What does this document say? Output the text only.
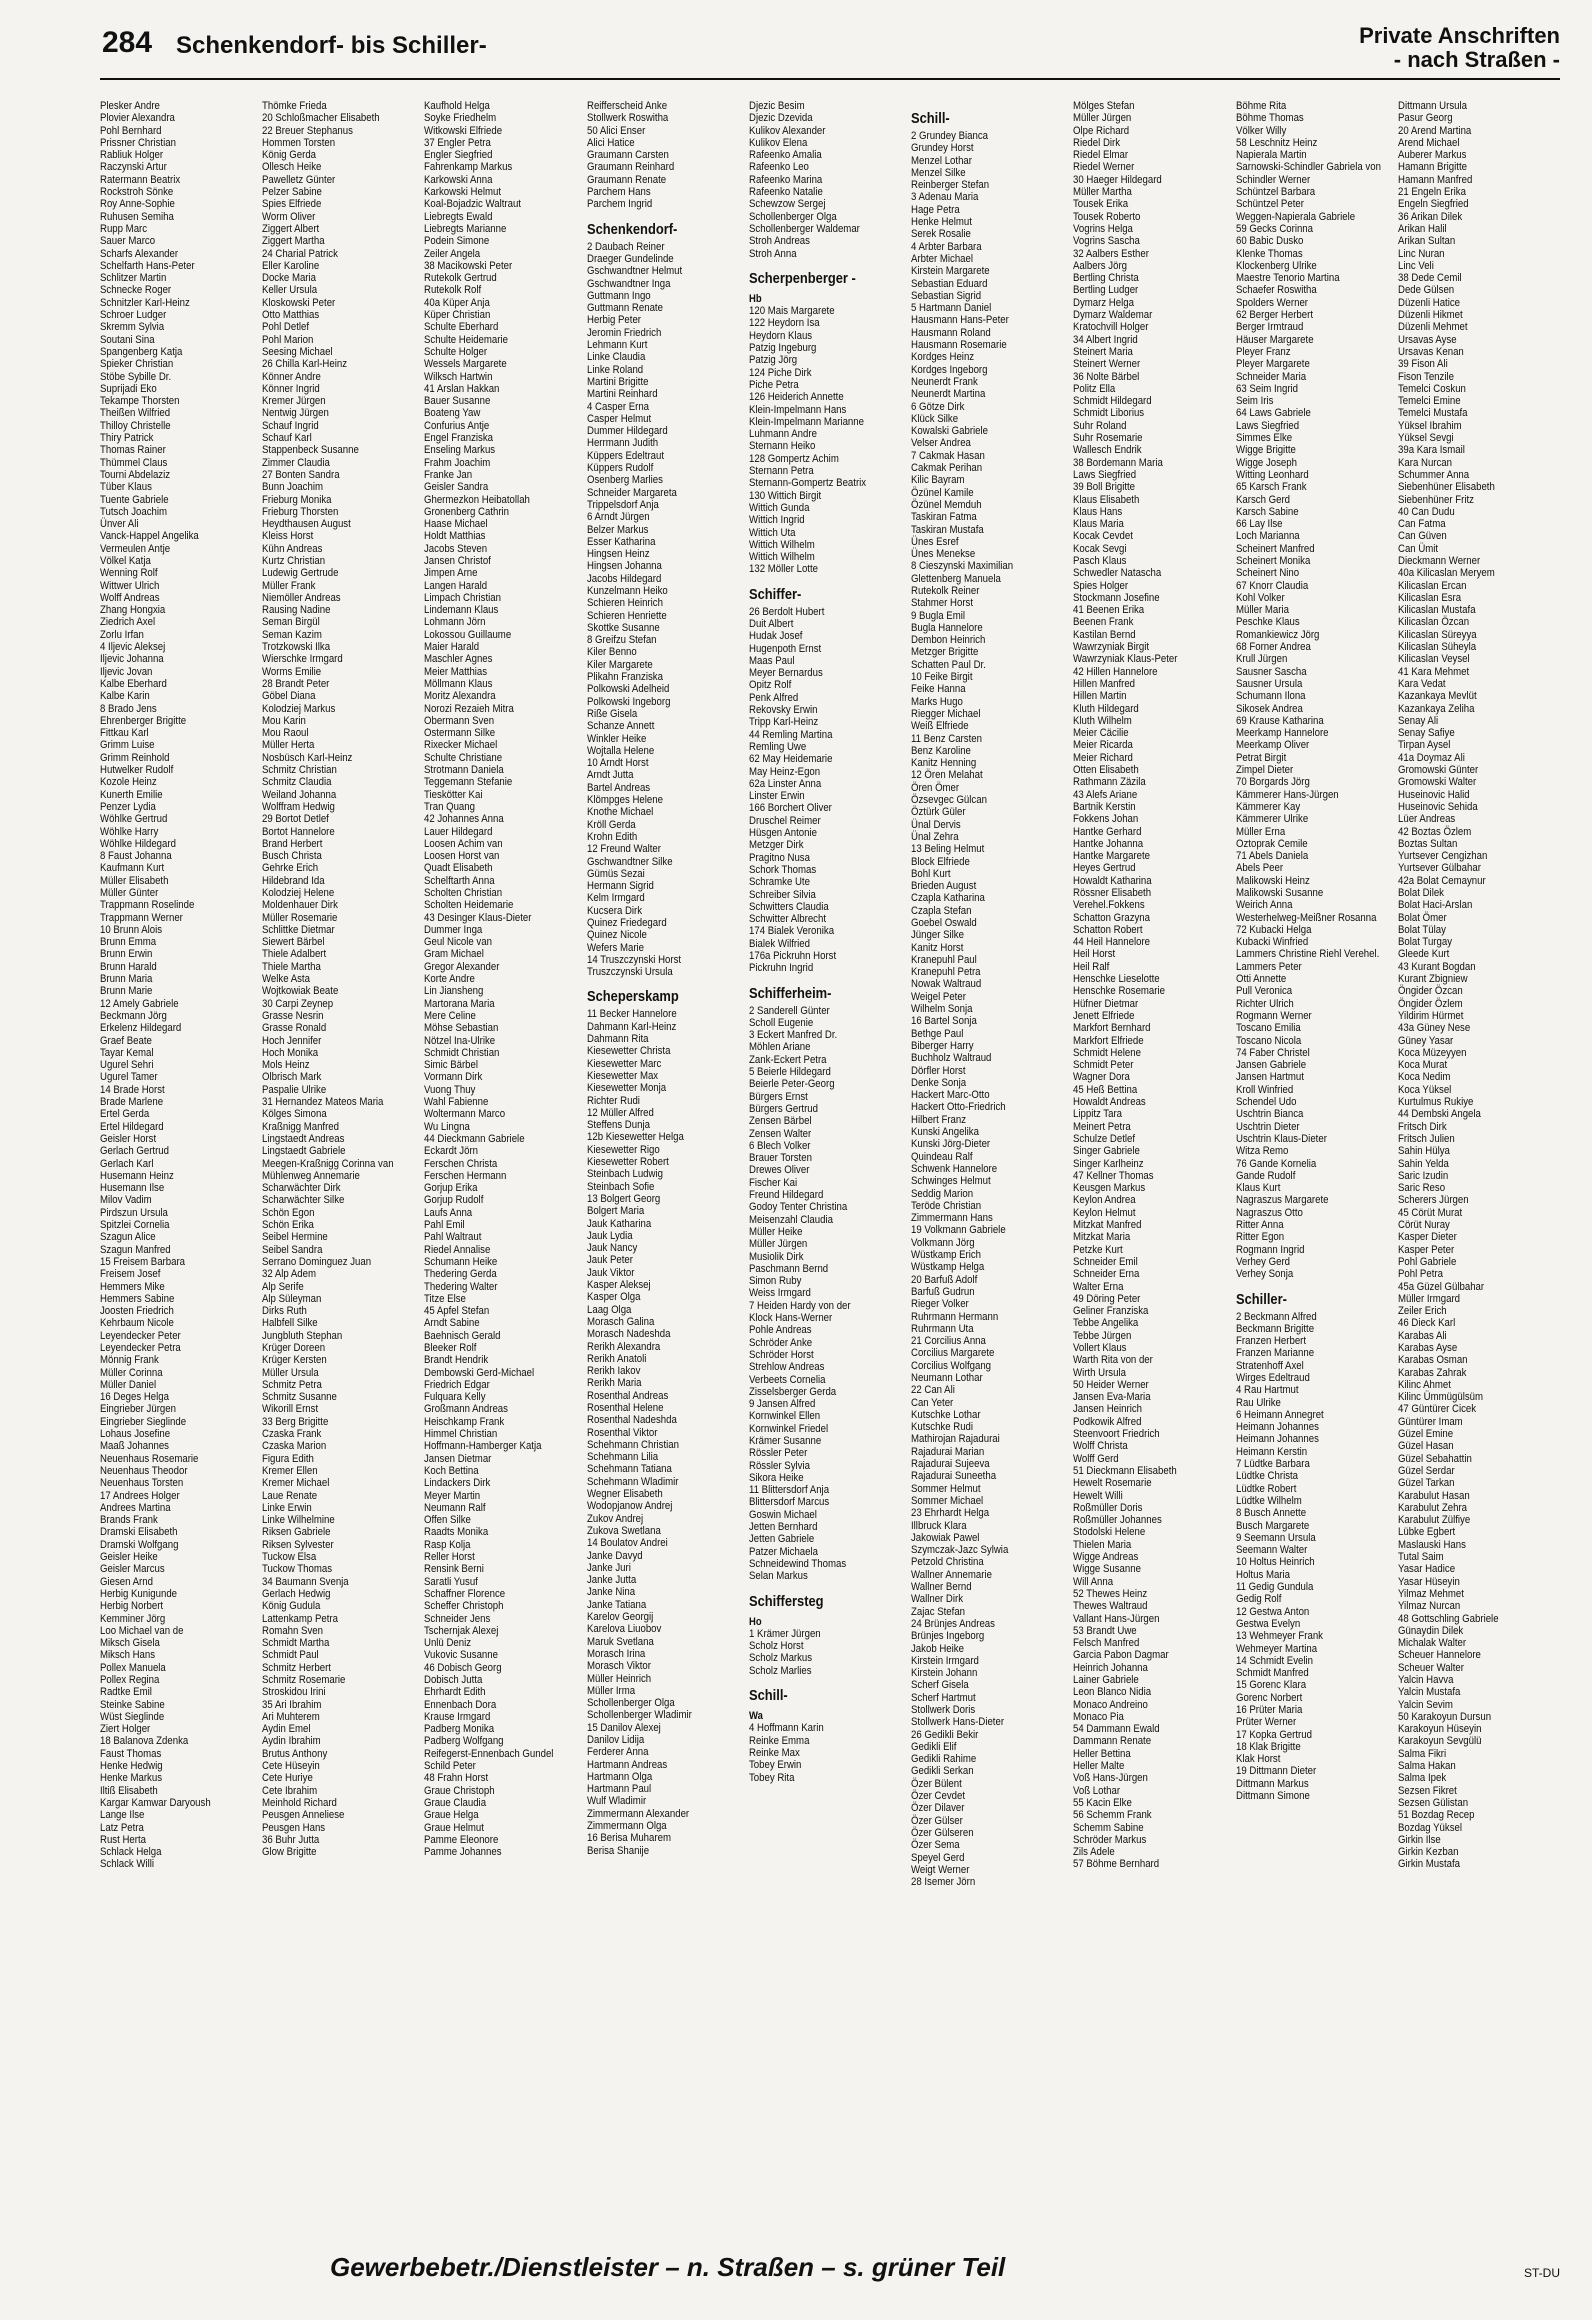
284 Schenkendorf- bis Schiller-	Private Anschriften
- nach Straßen -
Plesker Andre
Plovier Alexandra
Pohl Bernhard
Prissner Christian
Rabliuk Holger
Raczynski Artur
Ratermann Beatrix
Rockstroh Sönke
Roy Anne-Sophie
Ruhusen Semiha
Rupp Marc
Sauer Marco
Scharfs Alexander
Schelfarth Hans-Peter
Schlitzer Martin
Schnecke Roger
Schnitzler Karl-Heinz
Schroer Ludger
Skremm Sylvia
Soutani Sina
Spangenberg Katja
Spieker Christian
Stöbe Sybille Dr.
Suprijadi Eko
Tekampe Thorsten
Theißen Wilfried
Thilloy Christelle
Thiry Patrick
Thomas Rainer
Thümmel Claus
Tourni Abdelaziz
Tüber Klaus
Tuente Gabriele
Tutsch Joachim
Ünver Ali
Vanck-Happel Angelika
Vermeulen Antje
Völkel Katja
Wenning Rolf
Wittwer Ulrich
Wolff Andreas
Zhang Hongxia
Ziedrich Axel
Zorlu Irfan
4 Iljevic Aleksej
Iljevic Johanna
Iljevic Jovan
Kalbe Eberhard
Kalbe Karin
8 Brado Jens
Ehrenberger Brigitte
Fittkau Karl
Grimm Luise
Grimm Reinhold
Hutwelker Rudolf
Kozole Heinz
Kunerth Emilie
Penzer Lydia
Wöhlke Gertrud
Wöhlke Harry
Wöhlke Hildegard
8 Faust Johanna
Kaufmann Kurt
Müller Elisabeth
Müller Günter
Trappmann Roselinde
Trappmann Werner
10 Brunn Alois
Brunn Emma
Brunn Erwin
Brunn Harald
Brunn Maria
Brunn Marie
12 Amely Gabriele
Beckmann Jörg
Erkelenz Hildegard
Graef Beate
Tayar Kemal
Ugurel Sehri
Ugurel Tamer
14 Brade Horst
Brade Marlene
Ertel Gerda
Ertel Hildegard
Geisler Horst
Gerlach Gertrud
Gerlach Karl
Husemann Heinz
Husemann Ilse
Milov Vadim
Pirdszun Ursula
Spitzlei Cornelia
Szagun Alice
Szagun Manfred
15 Freisem Barbara
Freisem Josef
Hemmers Mike
Hemmers Sabine
Joosten Friedrich
Kehrbaum Nicole
Leyendecker Peter
Leyendecker Petra
Mönnig Frank
Müller Corinna
Müller Daniel
16 Deges Helga
Eingrieber Jürgen
Eingrieber Sieglinde
Lohaus Josefine
Maaß Johannes
Neuenhaus Rosemarie
Neuenhaus Theodor
Neuenhaus Torsten
17 Andrees Holger
Andrees Martina
Brands Frank
Dramski Elisabeth
Dramski Wolfgang
Geisler Heike
Geisler Marcus
Giesen Arnd
Herbig Kunigunde
Herbig Norbert
Kemminer Jörg
Loo Michael van de
Miksch Gisela
Miksch Hans
Pollex Manuela
Pollex Regina
Radtke Emil
Steinke Sabine
Wüst Sieglinde
Ziert Holger
18 Balanova Zdenka
Faust Thomas
Henke Hedwig
Henke Markus
Iltiß Elisabeth
Kargar Kamwar Daryoush
Lange Ilse
Latz Petra
Rust Herta
Schlack Helga
Schlack Willi
Thömke Frieda
20 Schloßmacher Elisabeth
22 Breuer Stephanus
Hommen Torsten
König Gerda
Ollesch Heike
Pawelletz Günter
Pelzer Sabine
Spies Elfriede
Worm Oliver
Ziggert Albert
Ziggert Martha
24 Charial Patrick
Eller Karoline
Docke Maria
Keller Ursula
Kloskowski Peter
Otto Matthias
Pohl Detlef
Pohl Marion
Seesing Michael
26 Chilla Karl-Heinz
Könner Andre
Könner Ingrid
Kremer Jürgen
Nentwig Jürgen
Schauf Ingrid
Schauf Karl
Stappenbeck Susanne
Zimmer Claudia
27 Bonten Sandra
Bunn Joachim
Frieburg Monika
Frieburg Thorsten
Heydthausen August
Kleiss Horst
Kühn Andreas
Kurtz Christian
Ludewig Gertrude
Müller Frank
Niemöller Andreas
Rausing Nadine
Seman Birgül
Seman Kazim
Trotzkowski Ilka
Wierschke Irmgard
Worms Emilie
28 Brandt Peter
Göbel Diana
Kolodziej Markus
Mou Karin
Mou Raoul
Müller Herta
Nosbüsch Karl-Heinz
Schmitz Christian
Schmitz Claudia
Weiland Johanna
Wolffram Hedwig
29 Bortot Detlef
Bortot Hannelore
Brand Herbert
Busch Christa
Gehrke Erich
Hildebrand Ida
Kolodziej Helene
Moldenhauer Dirk
Müller Rosemarie
Schlittke Dietmar
Siewert Bärbel
Thiele Adalbert
Thiele Martha
Welke Asta
Wojtkowiak Beate
30 Carpi Zeynep
Grasse Nesrin
Grasse Ronald
Hoch Jennifer
Hoch Monika
Mols Heinz
Olbrisch Mark
Paspalie Ulrike
31 Hernandez Mateos Maria
Kölges Simona
Kraßnigg Manfred
Lingstaedt Andreas
Lingstaedt Gabriele
Meegen-Kraßnigg Corinna van
Mühlenweg Annemarie
Scharwächter Dirk
Scharwächter Silke
Schön Egon
Schön Erika
Seibel Hermine
Seibel Sandra
Serrano Dominguez Juan
32 Alp Adem
Alp Serife
Alp Süleyman
Dirks Ruth
Halbfell Silke
Jungbluth Stephan
Krüger Doreen
Krüger Kersten
Müller Ursula
Schmitz Petra
Schmitz Susanne
Wikorill Ernst
33 Berg Brigitte
Czaska Frank
Czaska Marion
Figura Edith
Kremer Ellen
Kremer Michael
Laue Renate
Linke Erwin
Linke Wilhelmine
Riksen Gabriele
Riksen Sylvester
Tuckow Elsa
Tuckow Thomas
34 Baumann Svenja
Gerlach Hedwig
König Gudula
Lattenkamp Petra
Romahn Sven
Schmidt Martha
Schmidt Paul
Schmitz Herbert
Schmitz Rosemarie
Stroskidou Irini
35 Ari Ibrahim
Ari Muhterem
Aydin Emel
Aydin Ibrahim
Brutus Anthony
Cete Hüseyin
Cete Huriye
Cete Ibrahim
Meinhold Richard
Peusgen Anneliese
Peusgen Hans
36 Buhr Jutta
Glow Brigitte
Kaufhold Helga
Soyke Friedhelm
Witkowski Elfriede
37 Engler Petra
Engler Siegfried
Fahrenkamp Markus
Karkowski Anna
Karkowski Helmut
Koal-Bojadzic Waltraut
Liebregts Ewald
Liebregts Marianne
Podein Simone
Zeiler Angela
38 Macikowski Peter
Rutekolk Gertrud
Rutekolk Rolf
40a Küper Anja
Küper Christian
Schulte Eberhard
Schulte Heidemarie
Schulte Holger
Wessels Margarete
Wilksch Hartwin
41 Arslan Hakkan
Bauer Susanne
Boateng Yaw
Confurius Antje
Engel Franziska
Enseling Markus
Frahm Joachim
Franke Jan
Geisler Sandra
Ghermezkon Heibatollah
Gronenberg Cathrin
Haase Michael
Holdt Matthias
Jacobs Steven
Jansen Christof
Jimpen Arne
Langen Harald
Limpach Christian
Lindemann Klaus
Lohmann Jörn
Lokossou Guillaume
Maier Harald
Maschler Agnes
Meier Matthias
Möllmann Klaus
Moritz Alexandra
Norozi Rezaieh Mitra
Obermann Sven
Ostermann Silke
Rixecker Michael
Schulte Christiane
Strotmann Daniela
Teggemann Stefanie
Tieskötter Kai
Tran Quang
42 Johannes Anna
Lauer Hildegard
Loosen Achim van
Loosen Horst van
Quadt Elisabeth
Schelftarth Anna
Scholten Christian
Scholten Heidemarie
43 Desinger Klaus-Dieter
Dummer Inga
Geul Nicole van
Gram Michael
Gregor Alexander
Korte Andre
Lin Jiansheng
Martorana Maria
Mere Celine
Möhse Sebastian
Nötzel Ina-Ulrike
Schmidt Christian
Simic Bärbel
Vormann Dirk
Vuong Thuy
Wahl Fabienne
Woltermann Marco
Wu Lingna
44 Dieckmann Gabriele
Eckardt Jörn
Ferschen Christa
Ferschen Hermann
Gorjup Erika
Gorjup Rudolf
Laufs Anna
Pahl Emil
Pahl Waltraut
Riedel Annalise
Schumann Heike
Thedering Gerda
Thedering Walter
Titze Else
45 Apfel Stefan
Arndt Sabine
Baehnisch Gerald
Bleeker Rolf
Brandt Hendrik
Dembowski Gerd-Michael
Friedrich Edgar
Fulquara Kelly
Großmann Andreas
Heischkamp Frank
Himmel Christian
Hoffmann-Hamberger Katja
Jansen Dietmar
Koch Bettina
Lindackers Dirk
Meyer Martin
Neumann Ralf
Offen Silke
Raadts Monika
Rasp Kolja
Reller Horst
Rensink Berni
Saratli Yusuf
Schaffner Florence
Scheffer Christoph
Schneider Jens
Tschernjak Alexej
Unlü Deniz
Vukovic Susanne
46 Dobisch Georg
Dobisch Jutta
Ehrhardt Edith
Ennenbach Dora
Krause Irmgard
Padberg Monika
Padberg Wolfgang
Reifegerst-Ennenbach Gundel
Schild Peter
48 Frahn Horst
Graue Christoph
Graue Claudia
Graue Helga
Graue Helmut
Pamme Eleonore
Pamme Johannes
Reifferscheid Anke
Stollwerk Roswitha
50 Alici Enser
Alici Hatice
Graumann Carsten
Graumann Reinhard
Graumann Renate
Parchem Hans
Parchem Ingrid
Schenkendorf-
2 Daubach Reiner
Draeger Gundelinde
Gschwandtner Helmut
Gschwandtner Inga
Guttmann Ingo
Guttmann Renate
Herbig Peter
Jeromin Friedrich
Lehmann Kurt
Linke Claudia
Linke Roland
Martini Brigitte
Martini Reinhard
4 Casper Erna
Casper Helmut
Dummer Hildegard
Herrmann Judith
Küppers Edeltraut
Küppers Rudolf
Osenberg Marlies
Schneider Margareta
Trippelsdorf Anja
6 Arndt Jürgen
Belzer Markus
Esser Katharina
Hingsen Heinz
Hingsen Johanna
Jacobs Hildegard
Kunzelmann Heiko
Schieren Heinrich
Schieren Henriette
Skottke Susanne
8 Greifzu Stefan
Kiler Benno
Kiler Margarete
Plikahn Franziska
Polkowski Adelheid
Polkowski Ingeborg
Riße Gisela
Schanze Annett
Winkler Heike
Wojtalla Helene
10 Arndt Horst
Arndt Jutta
Bartel Andreas
Klömpges Helene
Knothe Michael
Kröll Gerda
Krohn Edith
12 Freund Walter
Gschwandtner Silke
Gümüs Sezai
Hermann Sigrid
Kelm Irmgard
Kucsera Dirk
Quinez Friedegard
Quinez Nicole
Wefers Marie
14 Truszczynski Horst
Truszczynski Ursula
Scheperskamp
11 Becker Hannelore
Dahmann Karl-Heinz
Dahmann Rita
Kiesewetter Christa
Kiesewetter Marc
Kiesewetter Max
Kiesewetter Monja
Richter Rudi
12 Müller Alfred
Steffens Dunja
12b Kiesewetter Helga
Kiesewetter Rigo
Kiesewetter Robert
Steinbach Ludwig
Steinbach Sofie
13 Bolgert Georg
Bolgert Maria
Jauk Katharina
Jauk Lydia
Jauk Nancy
Jauk Peter
Jauk Viktor
Kasper Aleksej
Kasper Olga
Laag Olga
Morasch Galina
Morasch Nadeshda
Rerikh Alexandra
Rerikh Anatoli
Rerikh Iakov
Rerikh Maria
Rosenthal Andreas
Rosenthal Helene
Rosenthal Nadeshda
Rosenthal Viktor
Schehmann Christian
Schehmann Lilia
Schehmann Tatiana
Schehmann Wladimir
Wegner Elisabeth
Wodopjanow Andrej
Zukov Andrej
Zukova Swetlana
14 Boulatov Andrei
Janke Davyd
Janke Juri
Janke Jutta
Janke Nina
Janke Tatiana
Karelov Georgij
Karelova Liuobov
Maruk Svetlana
Morasch Irina
Morasch Viktor
Müller Heinrich
Müller Irma
Schollenberger Olga
Schollenberger Wladimir
15 Danilov Alexej
Danilov Lidija
Ferderer Anna
Hartmann Andreas
Hartmann Olga
Hartmann Paul
Wulf Wladimir
Zimmermann Alexander
Zimmermann Olga
16 Berisa Muharem
Berisa Shanije
Djezic Besim
Djezic Dzevida
Kulikov Alexander
Kulikov Elena
Rafeenko Amalia
Rafeenko Leo
Rafeenko Marina
Rafeenko Natalie
Schewzow Sergej
Schollenberger Olga
Schollenberger Waldemar
Stroh Andreas
Stroh Anna
Scherpenberger -
Hb
120 Mais Margarete
122 Heydorn Isa
Heydorn Klaus
Patzig Ingeburg
Patzig Jörg
124 Piche Dirk
Piche Petra
126 Heiderich Annette
Klein-Impelmann Hans
Klein-Impelmann Marianne
Luhmann Andre
Sternann Heiko
128 Gompertz Achim
Sternann Petra
Sternann-Gompertz Beatrix
130 Wittich Birgit
Wittich Gunda
Wittich Ingrid
Wittich Uta
Wittich Wilhelm
Wittich Wilhelm
132 Möller Lotte
Schiffer-
26 Berdolt Hubert
Duit Albert
Hudak Josef
Hugenpoth Ernst
Maas Paul
Meyer Bernardus
Opitz Rolf
Penk Alfred
Rekovsky Erwin
Tripp Karl-Heinz
44 Remling Martina
Remling Uwe
62 May Heidemarie
May Heinz-Egon
62a Linster Anna
Linster Erwin
166 Borchert Oliver
Druschel Reimer
Hüsgen Antonie
Metzger Dirk
Pragitno Nusa
Schork Thomas
Schramke Ute
Schreiber Silvia
Schwitters Claudia
Schwitter Albrecht
174 Bialek Veronika
Bialek Wilfried
176a Pickruhn Horst
Pickruhn Ingrid
Schifferheim-
2 Sanderell Günter
Scholl Eugenie
3 Eckert Manfred Dr.
Möhlen Ariane
Zank-Eckert Petra
5 Beierle Hildegard
Beierle Peter-Georg
Bürgers Ernst
Bürgers Gertrud
Zensen Bärbel
Zensen Walter
6 Blech Volker
Brauer Torsten
Drewes Oliver
Fischer Kai
Freund Hildegard
Godoy Tenter Christina
Meisenzahl Claudia
Müller Heike
Müller Jürgen
Musiolik Dirk
Paschmann Bernd
Simon Ruby
Weiss Irmgard
7 Heiden Hardy von der
Klock Hans-Werner
Pohle Andreas
Schröder Anke
Schröder Horst
Strehlow Andreas
Verbeets Cornelia
Zisselsberger Gerda
9 Jansen Alfred
Kornwinkel Ellen
Kornwinkel Friedel
Krämer Susanne
Rössler Peter
Rössler Sylvia
Sikora Heike
11 Blittersdorf Anja
Blittersdorf Marcus
Goswin Michael
Jetten Bernhard
Jetten Gabriele
Patzer Michaela
Schneidewind Thomas
Selan Markus
Schiffersteg
Ho
1 Krämer Jürgen
Scholz Horst
Scholz Markus
Scholz Marlies
Schill-
Wa
4 Hoffmann Karin
Reinke Emma
Reinke Max
Tobey Erwin
Tobey Rita
Schill-
2 Grundey Bianca
Grundey Horst
Menzel Lothar
Menzel Silke
Reinberger Stefan
3 Adenau Maria
Hage Petra
Henke Helmut
Serek Rosalie
4 Arbter Barbara
Arbter Michael
Kirstein Margarete
Sebastian Eduard
Sebastian Sigrid
5 Hartmann Daniel
Hausmann Hans-Peter
Hausmann Roland
Hausmann Rosemarie
Kordges Heinz
Kordges Ingeborg
Neunerdt Frank
Neunerdt Martina
6 Götze Dirk
Klück Silke
Kowalski Gabriele
Velser Andrea
7 Cakmak Hasan
Cakmak Perihan
Kilic Bayram
Özünel Kamile
Özünel Memduh
Taskiran Fatma
Taskiran Mustafa
Ünes Esref
Ünes Menekse
8 Cieszynski Maximilian
Glettenberg Manuela
Rutekolk Reiner
Stahmer Horst
9 Bugla Emil
Bugla Hannelore
Dembon Heinrich
Metzger Brigitte
Schatten Paul Dr.
10 Feike Birgit
Feike Hanna
Marks Hugo
Riegger Michael
Weiß Elfriede
11 Benz Carsten
Benz Karoline
Kanitz Henning
12 Ören Melahat
Ören Ömer
Özsevgec Gülcan
Öztürk Güler
Ünal Dervis
Ünal Zehra
13 Beling Helmut
Block Elfriede
Bohl Kurt
Brieden August
Czapla Katharina
Czapla Stefan
Goebel Oswald
Jünger Silke
Kanitz Horst
Kranepuhl Paul
Kranepuhl Petra
Nowak Waltraud
Weigel Peter
Wilhelm Sonja
16 Bartel Sonja
Bethge Paul
Biberger Harry
Buchholz Waltraud
Dörfler Horst
Denke Sonja
Hackert Marc-Otto
Hackert Otto-Friedrich
Hilbert Franz
Kunski Angelika
Kunski Jörg-Dieter
Quindeau Ralf
Schwenk Hannelore
Schwinges Helmut
Seddig Marion
Teröde Christian
Zimmermann Hans
19 Volkmann Gabriele
Volkmann Jörg
Wüstkamp Erich
Wüstkamp Helga
20 Barfuß Adolf
Barfuß Gudrun
Rieger Volker
Ruhrmann Hermann
Ruhrmann Uta
21 Corcilius Anna
Corcilius Margarete
Corcilius Wolfgang
Neumann Lothar
22 Can Ali
Can Yeter
Kutschke Lothar
Kutschke Rudi
Mathirojan Rajadurai
Rajadurai Marian
Rajadurai Sujeeva
Rajadurai Suneetha
Sommer Helmut
Sommer Michael
23 Ehrhardt Helga
Illbruck Klara
Jakowiak Pawel
Szymczak-Jazc Sylwia
Petzold Christina
Wallner Annemarie
Wallner Bernd
Wallner Dirk
Zajac Stefan
24 Brünjes Andreas
Brünjes Ingeborg
Jakob Heike
Kirstein Irmgard
Kirstein Johann
Scherf Gisela
Scherf Hartmut
Stollwerk Doris
Stollwerk Hans-Dieter
26 Gedikli Bekir
Gedikli Elif
Gedikli Rahime
Gedikli Serkan
Özer Bülent
Özer Cevdet
Özer Dilaver
Özer Gülser
Özer Gülseren
Özer Sema
Speyel Gerd
Weigt Werner
28 Isemer Jörn
Mölges Stefan
Müller Jürgen
Olpe Richard
Riedel Dirk
Riedel Elmar
Riedel Werner
30 Haeger Hildegard
Müller Martha
Tousek Erika
Tousek Roberto
Vogrins Helga
Vogrins Sascha
32 Aalbers Esther
Aalbers Jörg
Bertling Christa
Bertling Ludger
Dymarz Helga
Dymarz Waldemar
Kratochvill Holger
34 Albert Ingrid
Steinert Maria
Steinert Werner
36 Nolte Bärbel
Politz Ella
Schmidt Hildegard
Schmidt Liborius
Suhr Roland
Suhr Rosemarie
Wallesch Endrik
38 Bordemann Maria
Laws Siegfried
39 Boll Brigitte
Klaus Elisabeth
Klaus Hans
Klaus Maria
Kocak Cevdet
Kocak Sevgi
Pasch Klaus
Schwedler Natascha
Spies Holger
Stockmann Josefine
41 Beenen Erika
Beenen Frank
Kastilan Bernd
Wawrzyniak Birgit
Wawrzyniak Klaus-Peter
42 Hillen Hannelore
Hillen Manfred
Hillen Martin
Kluth Hildegard
Kluth Wilhelm
Meier Cäcilie
Meier Ricarda
Meier Richard
Otten Elisabeth
Rathmann Zäzila
43 Alefs Ariane
Bartnik Kerstin
Fokkens Johan
Hantke Gerhard
Hantke Johanna
Hantke Margarete
Heyes Gertrud
Howaldt Katharina
Rössner Elisabeth
Verehel.Fokkens
Schatton Grazyna
Schatton Robert
44 Heil Hannelore
Heil Horst
Heil Ralf
Henschke Lieselotte
Henschke Rosemarie
Hüfner Dietmar
Jenett Elfriede
Markfort Bernhard
Markfort Elfriede
Schmidt Helene
Schmidt Peter
Wagner Dora
45 Heß Bettina
Howaldt Andreas
Lippitz Tara
Meinert Petra
Schulze Detlef
Singer Gabriele
Singer Karlheinz
47 Kellner Thomas
Keusgen Markus
Keylon Andrea
Keylon Helmut
Mitzkat Manfred
Mitzkat Maria
Petzke Kurt
Schneider Emil
Schneider Erna
Walter Erna
49 Döring Peter
Geliner Franziska
Tebbe Angelika
Tebbe Jürgen
Vollert Klaus
Warth Rita von der
Wirth Ursula
50 Heider Werner
Jansen Eva-Maria
Jansen Heinrich
Podkowik Alfred
Steenvoort Friedrich
Wolff Christa
Wolff Gerd
51 Dieckmann Elisabeth
Hewelt Rosemarie
Hewelt Willi
Roßmüller Doris
Roßmüller Johannes
Stodolski Helene
Thielen Maria
Wigge Andreas
Wigge Susanne
Will Anna
52 Thewes Heinz
Thewes Waltraud
Vallant Hans-Jürgen
53 Brandt Uwe
Felsch Manfred
Garcia Pabon Dagmar
Heinrich Johanna
Lainer Gabriele
Leon Blanco Nidia
Monaco Andreino
Monaco Pia
54 Dammann Ewald
Dammann Renate
Heller Bettina
Heller Malte
Voß Hans-Jürgen
Voß Lothar
55 Kacin Elke
56 Schemm Frank
Schemm Sabine
Schröder Markus
Zils Adele
57 Böhme Bernhard
Böhme Rita
Böhme Thomas
Völker Willy
58 Leschnitz Heinz
Napierala Martin
Sarnowski-Schindler Gabriela von
Schindler Werner
Schüntzel Barbara
Schüntzel Peter
Weggen-Napierala Gabriele
59 Gecks Corinna
60 Babic Dusko
Klenke Thomas
Klockenberg Ulrike
Maestre Tenorio Martina
Schaefer Roswitha
Spolders Werner
62 Berger Herbert
Berger Irmtraud
Häuser Margarete
Pleyer Franz
Pleyer Margarete
Schneider Maria
63 Seim Ingrid
Seim Iris
64 Laws Gabriele
Laws Siegfried
Simmes Elke
Wigge Brigitte
Wigge Joseph
Witting Leonhard
65 Karsch Frank
Karsch Gerd
Karsch Sabine
66 Lay Ilse
Loch Marianna
Scheinert Manfred
Scheinert Monika
Scheinert Nino
67 Knorr Claudia
Kohl Volker
Müller Maria
Peschke Klaus
Romankiewicz Jörg
68 Forner Andrea
Krull Jürgen
Sausner Sascha
Sausner Ursula
Schumann Ilona
Sikosek Andrea
69 Krause Katharina
Meerkamp Hannelore
Meerkamp Oliver
Petrat Birgit
Zimpel Dieter
70 Borgards Jörg
Kämmerer Hans-Jürgen
Kämmerer Kay
Kämmerer Ulrike
Müller Erna
Oztoprak Cemile
71 Abels Daniela
Abels Peer
Malikowski Heinz
Malikowski Susanne
Weirich Anna
Westerhelweg-Meißner Rosanna
72 Kubacki Helga
Kubacki Winfried
Lammers Christine Riehl Verehel.
Lammers Peter
Otti Annette
Pull Veronica
Richter Ulrich
Rogmann Werner
Toscano Emilia
Toscano Nicola
74 Faber Christel
Jansen Gabriele
Jansen Hartmut
Kroll Winfried
Schendel Udo
Uschtrin Bianca
Uschtrin Dieter
Uschtrin Klaus-Dieter
Witza Remo
76 Gande Kornelia
Gande Rudolf
Klaus Kurt
Nagraszus Margarete
Nagraszus Otto
Ritter Anna
Ritter Egon
Rogmann Ingrid
Verhey Gerd
Verhey Sonja
Schiller-
2 Beckmann Alfred
Beckmann Brigitte
Franzen Herbert
Franzen Marianne
Stratenhoff Axel
Wirges Edeltraud
4 Rau Hartmut
Rau Ulrike
6 Heimann Annegret
Heimann Johannes
Heimann Johannes
Heimann Kerstin
7 Lüdtke Barbara
Lüdtke Christa
Lüdtke Robert
Lüdtke Wilhelm
8 Busch Annette
Busch Margarete
9 Seemann Ursula
Seemann Walter
10 Holtus Heinrich
Holtus Maria
11 Gedig Gundula
Gedig Rolf
12 Gestwa Anton
Gestwa Evelyn
13 Wehmeyer Frank
Wehmeyer Martina
14 Schmidt Evelin
Schmidt Manfred
15 Gorenc Klara
Gorenc Norbert
16 Prüter Maria
Prüter Werner
17 Kopka Gertrud
18 Klak Brigitte
Klak Horst
19 Dittmann Dieter
Dittmann Markus
Dittmann Simone
Dittmann Ursula
Pasur Georg
20 Arend Martina
Arend Michael
Auberer Markus
Hamann Brigitte
Hamann Manfred
21 Engeln Erika
Engeln Siegfried
36 Arikan Dilek
Arikan Halil
Arikan Sultan
Linc Nuran
Linc Veli
38 Dede Cemil
Dede Gülsen
Düzenli Hatice
Düzenli Hikmet
Düzenli Mehmet
Ursavas Ayse
Ursavas Kenan
39 Fison Ali
Fison Tenzile
Temelci Coskun
Temelci Emine
Temelci Mustafa
Yüksel Ibrahim
Yüksel Sevgi
39a Kara Ismail
Kara Nurcan
Schummer Anna
Siebenhüner Elisabeth
Siebenhüner Fritz
40 Can Dudu
Can Fatma
Can Güven
Can Ümit
Dieckmann Werner
40a Kilicaslan Meryem
Kilicaslan Ercan
Kilicaslan Esra
Kilicaslan Mustafa
Kilicaslan Özcan
Kilicaslan Süreyya
Kilicaslan Süheyla
Kilicaslan Veysel
41 Kara Mehmet
Kara Vedat
Kazankaya Mevlüt
Kazankaya Zeliha
Senay Ali
Senay Safiye
Tirpan Aysel
41a Doymaz Ali
Gromowski Günter
Gromowski Walter
Huseinovic Halid
Huseinovic Sehida
Lüer Andreas
42 Boztas Özlem
Boztas Sultan
Yurtsever Cengizhan
Yurtsever Gülbahar
42a Bolat Cemaynur
Bolat Dilek
Bolat Haci-Arslan
Bolat Ömer
Bolat Tülay
Bolat Turgay
Gleede Kurt
43 Kurant Bogdan
Kurant Zbigniew
Öngider Özcan
Öngider Özlem
Yildirim Hürmet
43a Güney Nese
Güney Yasar
Koca Müzeyyen
Koca Murat
Koca Nedim
Koca Yüksel
Kurtulmus Rukiye
44 Dembski Angela
Fritsch Dirk
Fritsch Julien
Sahin Hülya
Sahin Yelda
Saric Izudin
Saric Reso
Scherers Jürgen
45 Cörüt Murat
Cörüt Nuray
Kasper Dieter
Kasper Peter
Pohl Gabriele
Pohl Petra
45a Güzel Gülbahar
Müller Irmgard
Zeiler Erich
46 Dieck Karl
Karabas Ali
Karabas Ayse
Karabas Osman
Karabas Zahrak
Kilinc Ahmet
Kilinc Ümmügülsüm
47 Güntürer Cicek
Güntürer Imam
Güzel Emine
Güzel Hasan
Güzel Sebahattin
Güzel Serdar
Güzel Tarkan
Karabulut Hasan
Karabulut Zehra
Karabulut Zülfiye
Lübke Egbert
Maslauski Hans
Tutal Saim
Yasar Hadice
Yasar Hüseyin
Yilmaz Mehmet
Yilmaz Nurcan
48 Gottschling Gabriele
Günaydin Dilek
Michalak Walter
Scheuer Hannelore
Scheuer Walter
Yalcin Havva
Yalcin Mustafa
Yalcin Sevim
50 Karakoyun Dursun
Karakoyun Hüseyin
Karakoyun Sevgülü
Salma Fikri
Salma Hakan
Salma Ipek
Sezsen Fikret
Sezsen Gülistan
51 Bozdag Recep
Bozdag Yüksel
Girkin Ilse
Girkin Kezban
Girkin Mustafa
Gewerbebetr./Dienstleister – n. Straßen – s. grüner Teil	ST-DU
